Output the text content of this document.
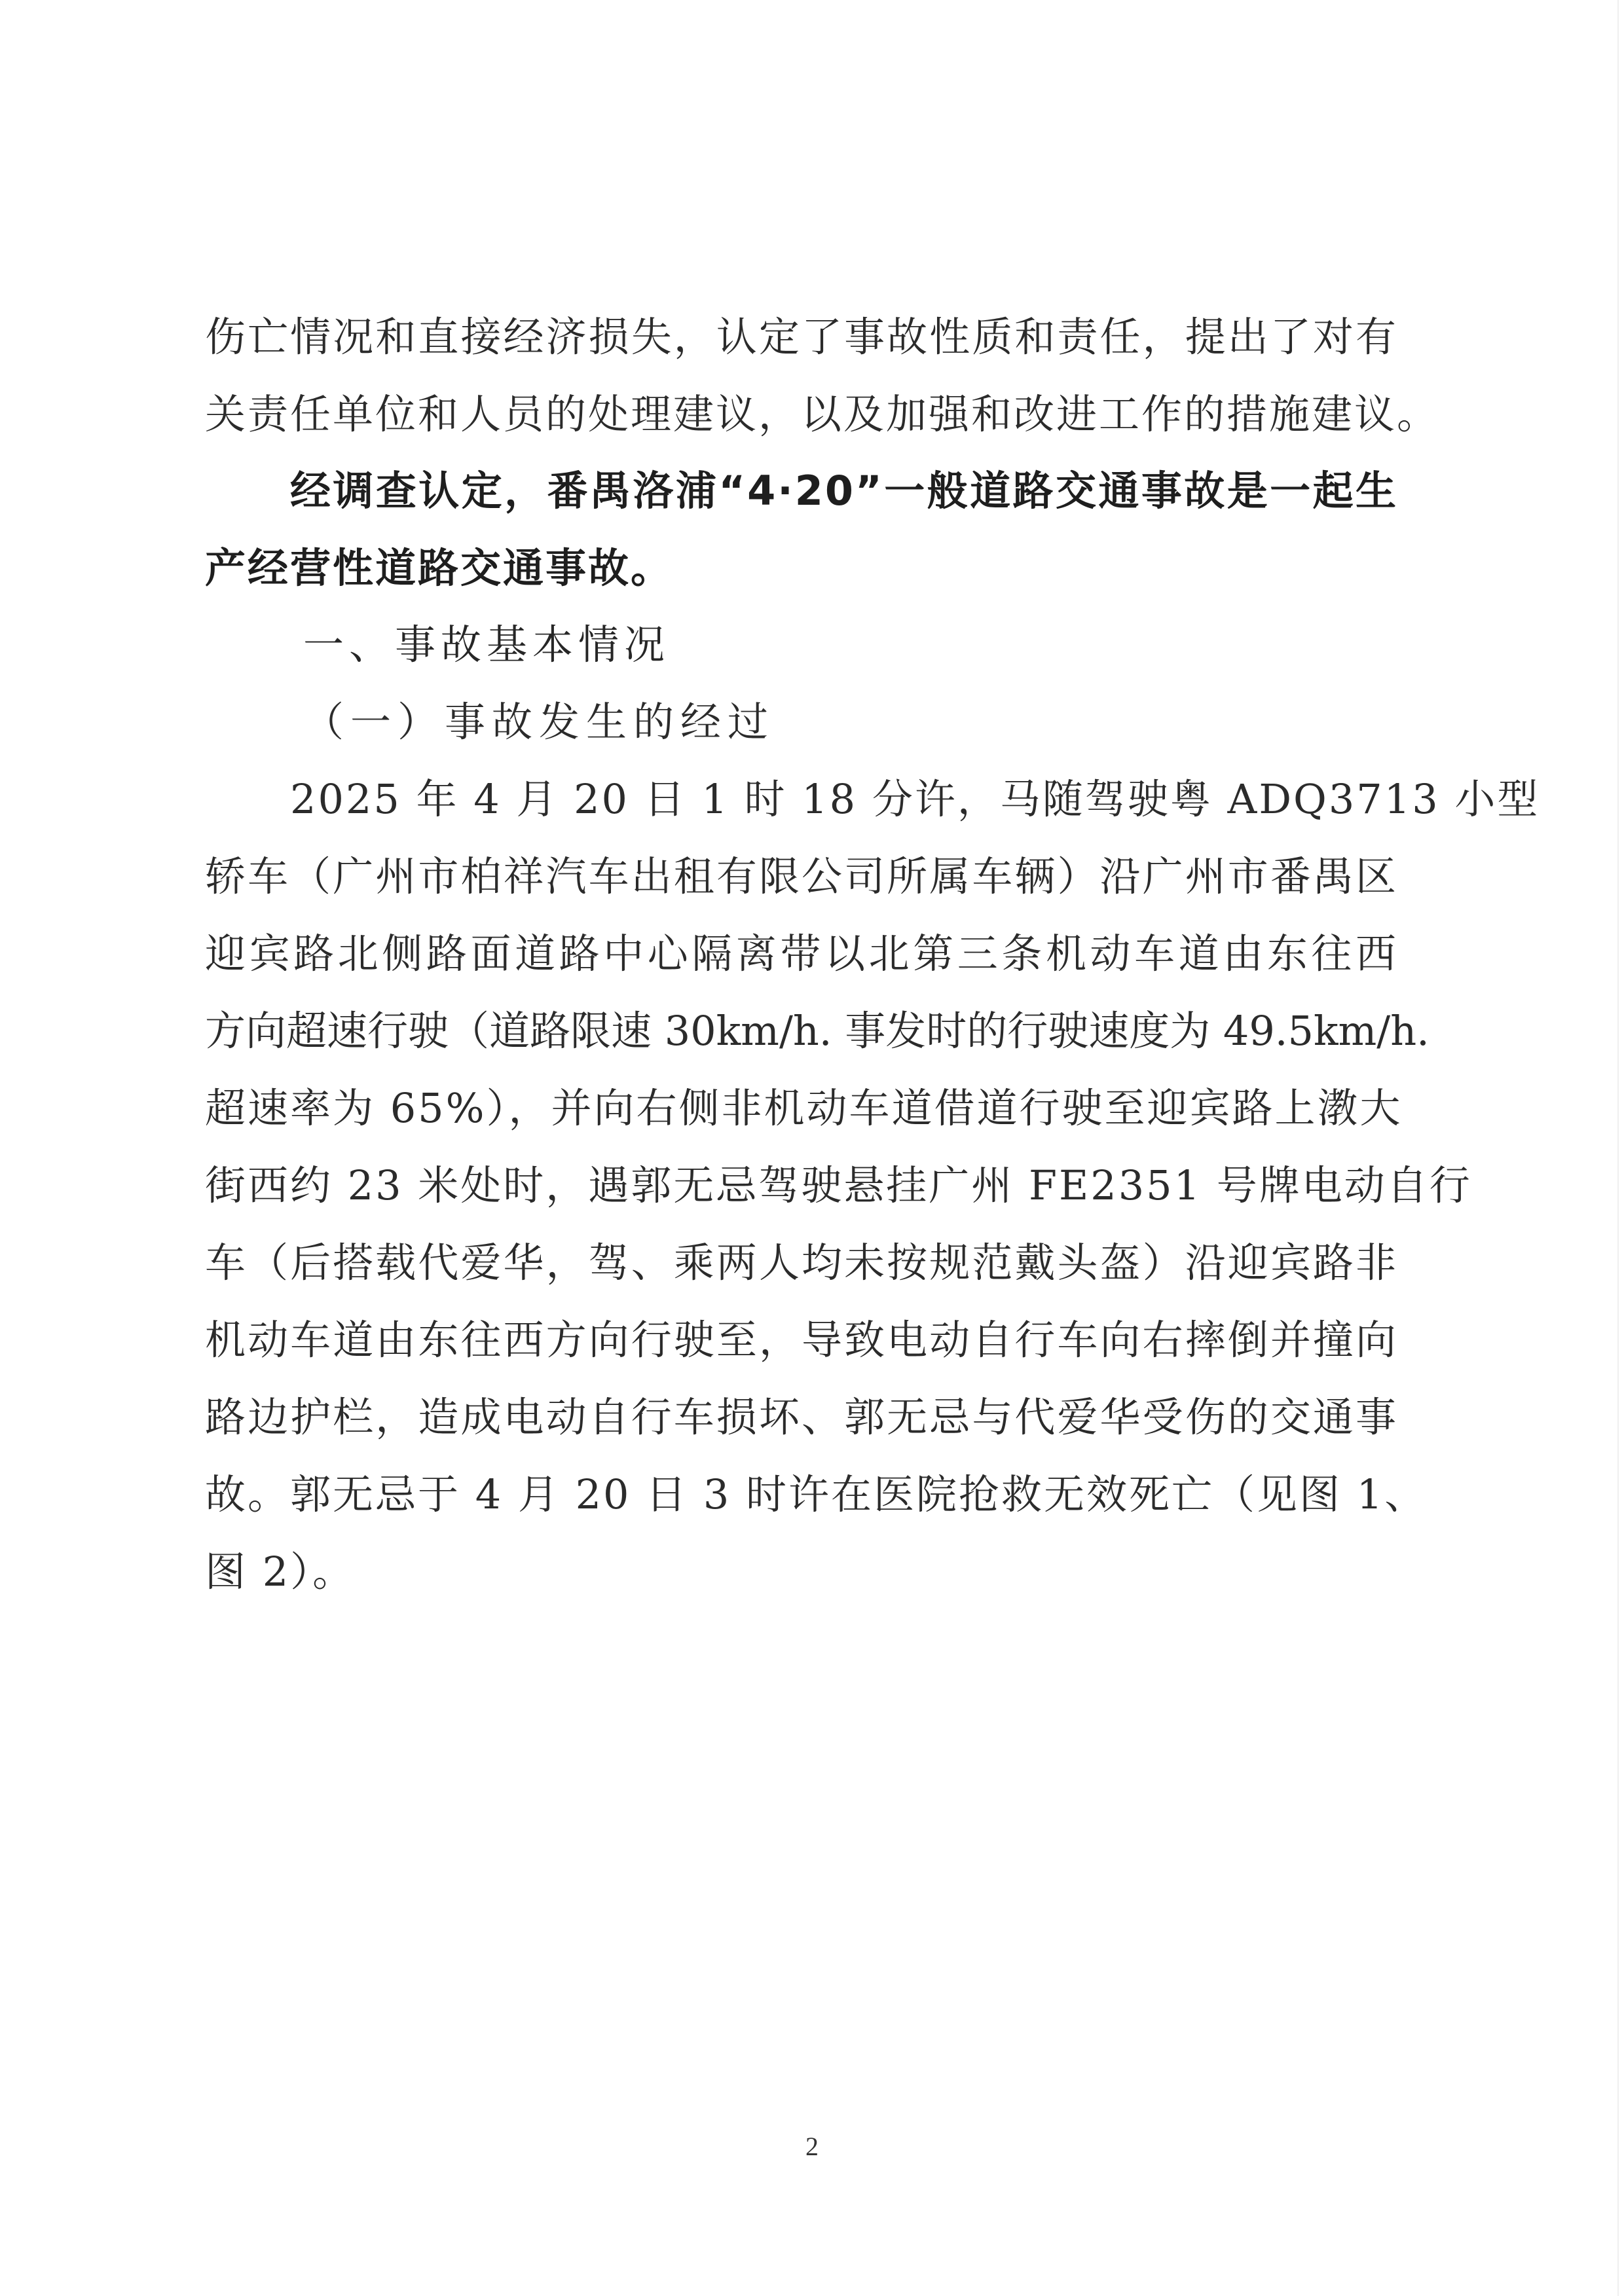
伤亡情况和直接经济损失，认定了事故性质和责任，提出了对有
关责任单位和人员的处理建议，以及加强和改进工作的措施建议。
经调查认定，番禺洛浦“4·20”一般道路交通事故是一起生
产经营性道路交通事故。
一、事故基本情况
（一）事故发生的经过
2025 年 4 月 20 日 1 时 18 分许，马随驾驶粤 ADQ3713 小型
轿车（广州市柏祥汽车出租有限公司所属车辆）沿广州市番禺区
迎宾路北侧路面道路中心隔离带以北第三条机动车道由东往西
方向超速行驶（道路限速 30km/h. 事发时的行驶速度为 49.5km/h.
超速率为 65%），并向右侧非机动车道借道行驶至迎宾路上漖大
街西约 23 米处时，遇郭无忌驾驶悬挂广州 FE2351 号牌电动自行
车（后搭载代爱华，驾、乘两人均未按规范戴头盔）沿迎宾路非
机动车道由东往西方向行驶至，导致电动自行车向右摔倒并撞向
路边护栏，造成电动自行车损坏、郭无忌与代爱华受伤的交通事
故。郭无忌于 4 月 20 日 3 时许在医院抢救无效死亡（见图 1、
图 2）。
2
